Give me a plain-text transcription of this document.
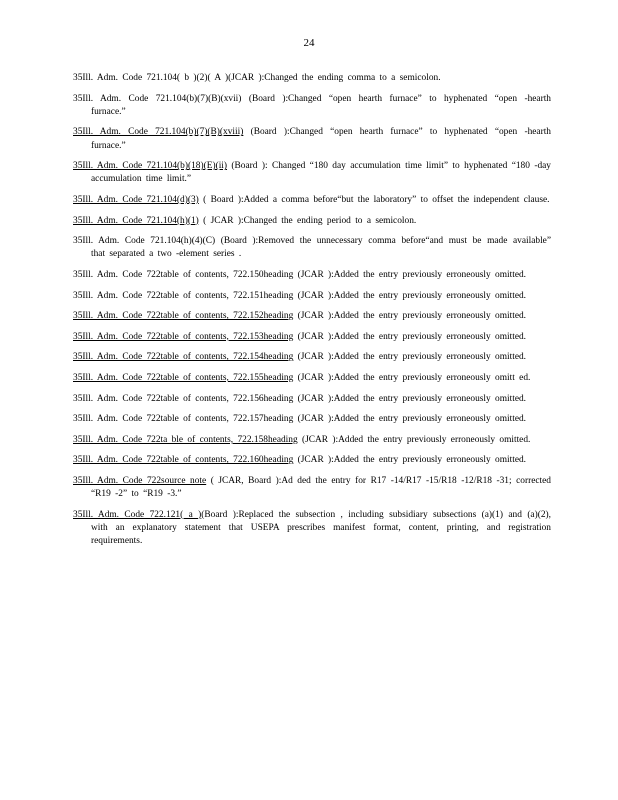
24
35Ill. Adm. Code 721.104( b )(2)( A )(JCAR ):Changed the ending comma to a semicolon.
35Ill. Adm. Code 721.104(b)(7)(B)(xvii) (Board ):Changed “open hearth furnace” to hyphenated “open -hearth furnace.”
35Ill. Adm. Code 721.104(b)(7)(B)(xviii) (Board ):Changed “open hearth furnace” to hyphenated “open -hearth furnace.”
35Ill. Adm. Code 721.104(b)(18)(E)(ii) (Board ): Changed “180 day accumulation time limit” to hyphenated “180 -day accumulation time limit.”
35Ill. Adm. Code 721.104(d)(3) ( Board ):Added a comma before“but the laboratory” to offset the independent clause.
35Ill. Adm. Code 721.104(h)(1) ( JCAR ):Changed the ending period to a semicolon.
35Ill. Adm. Code 721.104(h)(4)(C) (Board ):Removed the unnecessary comma before“and must be made available” that separated a two -element series .
35Ill. Adm. Code 722table of contents, 722.150heading (JCAR ):Added the entry previously erroneously omitted.
35Ill. Adm. Code 722table of contents, 722.151heading (JCAR ):Added the entry previously erroneously omitted.
35Ill. Adm. Code 722table of contents, 722.152heading (JCAR ):Added the entry previously erroneously omitted.
35Ill. Adm. Code 722table of contents, 722.153heading (JCAR ):Added the entry previously erroneously omitted.
35Ill. Adm. Code 722table of contents, 722.154heading (JCAR ):Added the entry previously erroneously omitted.
35Ill. Adm. Code 722table of contents, 722.155heading (JCAR ):Added the entry previously erroneously omitt ed.
35Ill. Adm. Code 722table of contents, 722.156heading (JCAR ):Added the entry previously erroneously omitted.
35Ill. Adm. Code 722table of contents, 722.157heading (JCAR ):Added the entry previously erroneously omitted.
35Ill. Adm. Code 722ta ble of contents, 722.158heading (JCAR ):Added the entry previously erroneously omitted.
35Ill. Adm. Code 722table of contents, 722.160heading (JCAR ):Added the entry previously erroneously omitted.
35Ill. Adm. Code 722source note ( JCAR, Board ):Ad ded the entry for R17 -14/R17 -15/R18 -12/R18 -31; corrected “R19 -2” to “R19 -3.”
35Ill. Adm. Code 722.121( a )(Board ):Replaced the subsection , including subsidiary subsections (a)(1) and (a)(2), with an explanatory statement that USEPA prescribes manifest format, content, printing, and registration requirements.
